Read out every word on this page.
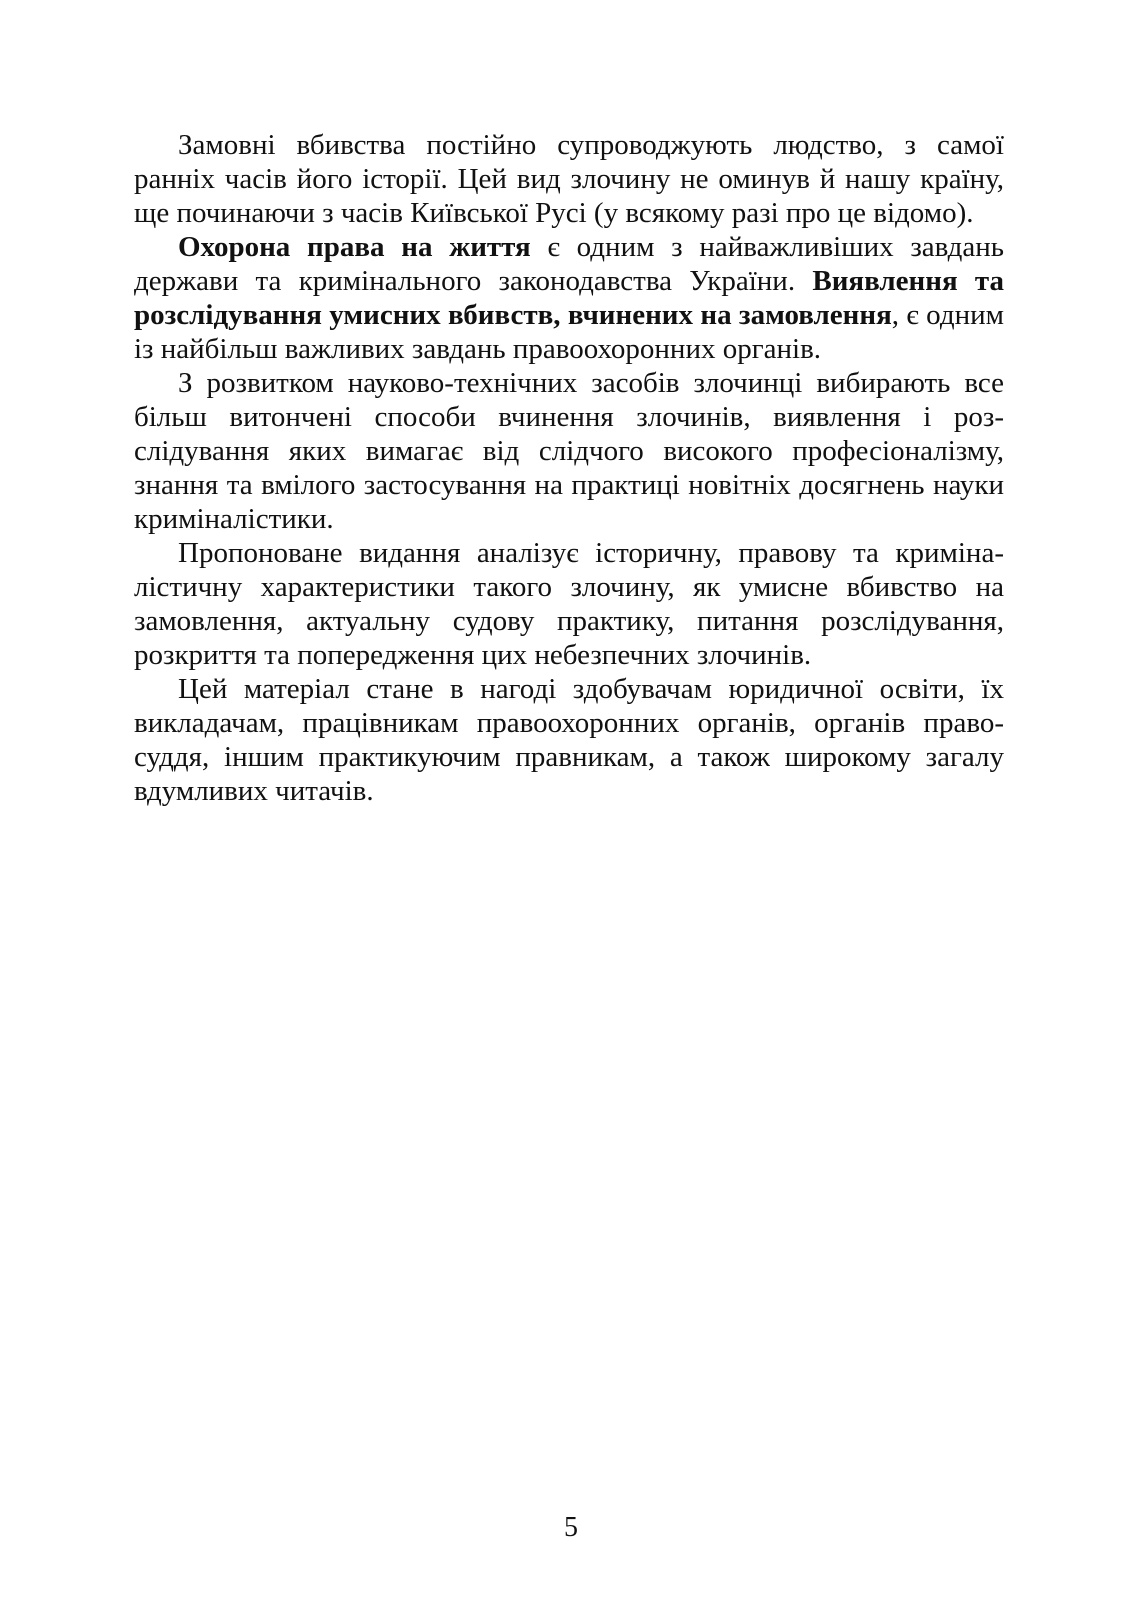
Замовні вбивства постійно супроводжують людство, з самої ранніх часів його історії. Цей вид злочину не оминув й нашу країну, ще починаючи з часів Київської Русі (у всякому разі про це відомо).

Охорона права на життя є одним з найважливіших завдань держави та кримінального законодавства України. Виявлення та розслідування умисних вбивств, вчинених на замовлення, є одним із найбільш важливих завдань правоохоронних органів.

З розвитком науково-технічних засобів злочинці вибирають все більш витончені способи вчинення злочинів, виявлення і розслідування яких вимагає від слідчого високого професіоналізму, знання та вмілого застосування на практиці новітніх досягнень науки криміналістики.

Пропоноване видання аналізує історичну, правову та криміналістичну характеристики такого злочину, як умисне вбивство на замовлення, актуальну судову практику, питання розслідування, розкриття та попередження цих небезпечних злочинів.

Цей матеріал стане в нагоді здобувачам юридичної освіти, їх викладачам, працівникам правоохоронних органів, органів правосуддя, іншим практикуючим правникам, а також широкому загалу вдумливих читачів.

5
